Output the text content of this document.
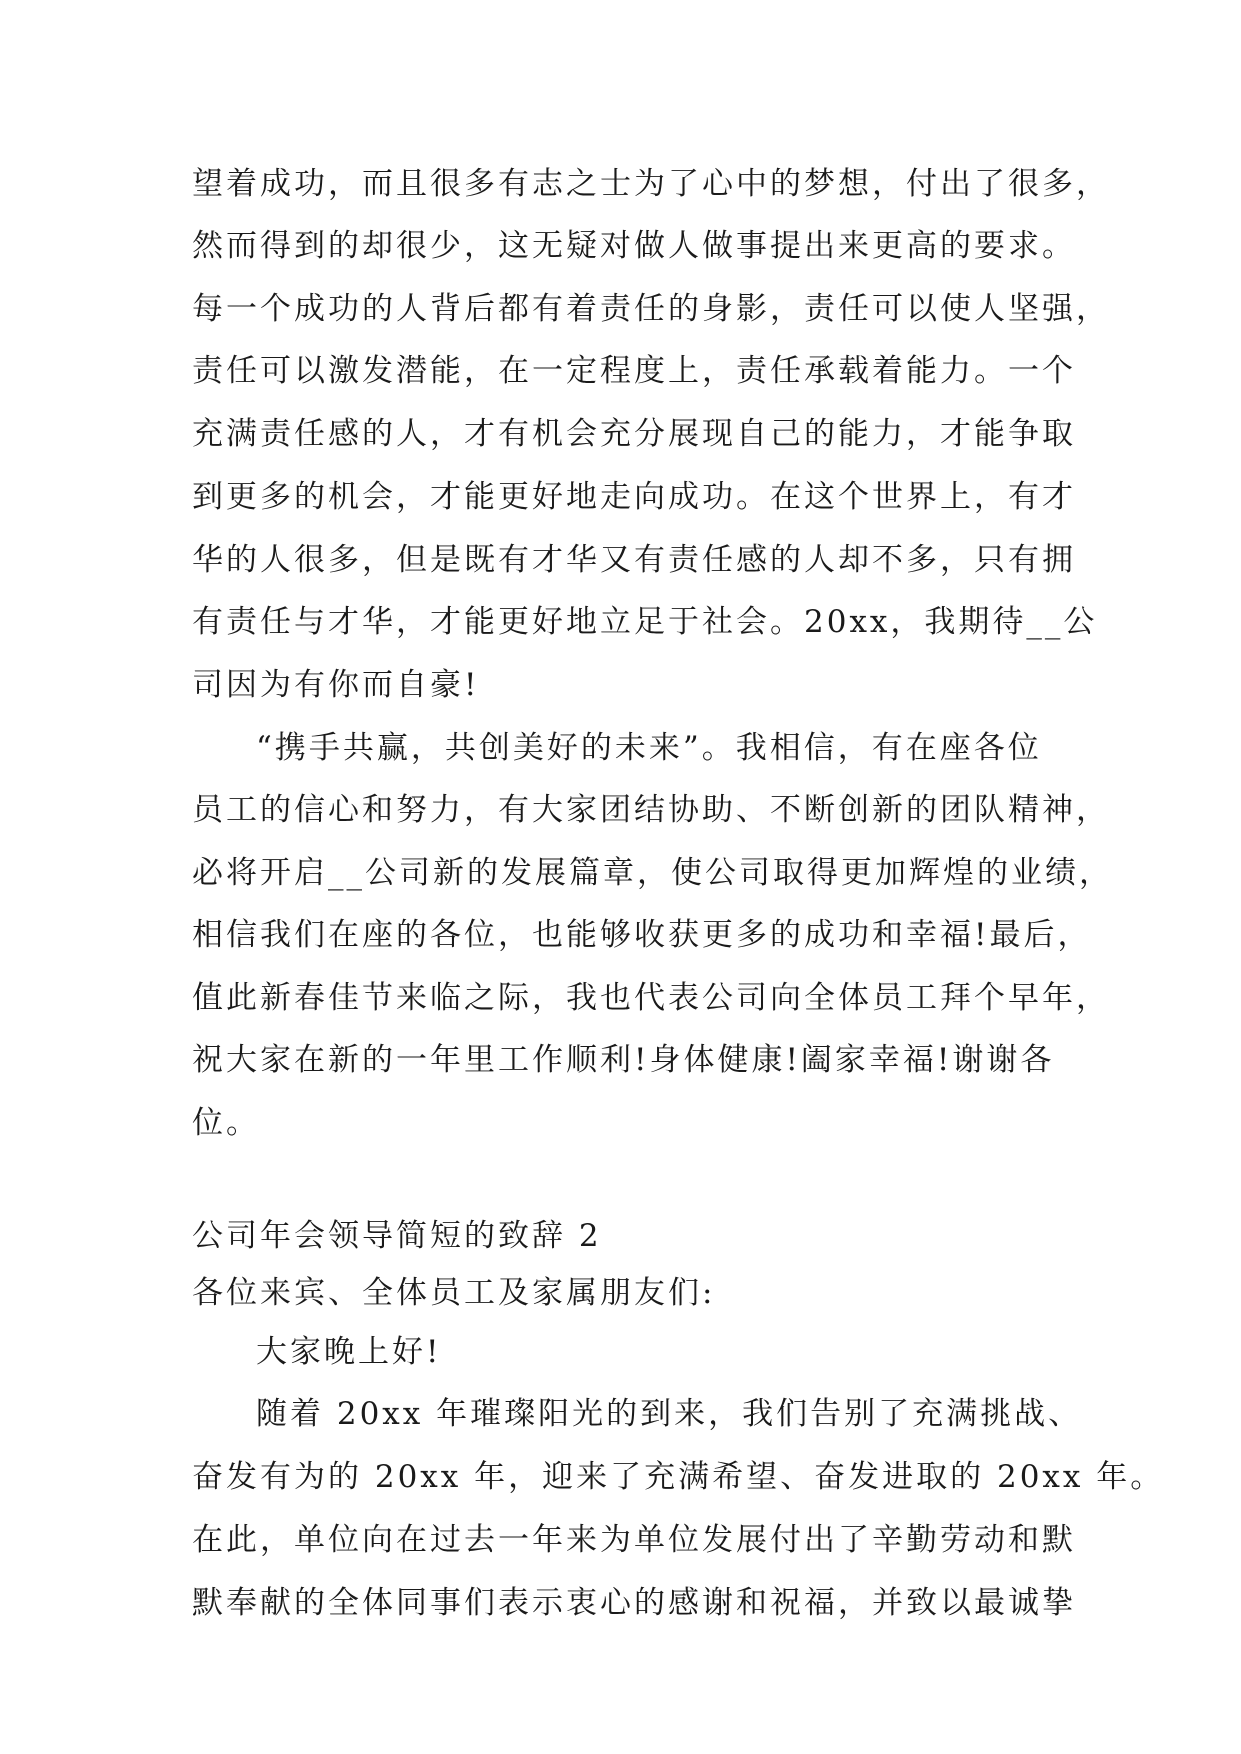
望着成功，而且很多有志之士为了心中的梦想，付出了很多，
然而得到的却很少，这无疑对做人做事提出来更高的要求。
每一个成功的人背后都有着责任的身影，责任可以使人坚强，
责任可以激发潜能，在一定程度上，责任承载着能力。一个
充满责任感的人，才有机会充分展现自己的能力，才能争取
到更多的机会，才能更好地走向成功。在这个世界上，有才
华的人很多，但是既有才华又有责任感的人却不多，只有拥
有责任与才华，才能更好地立足于社会。20xx，我期待__公
司因为有你而自豪!
“携手共赢，共创美好的未来”。我相信，有在座各位
员工的信心和努力，有大家团结协助、不断创新的团队精神，
必将开启__公司新的发展篇章，使公司取得更加辉煌的业绩，
相信我们在座的各位，也能够收获更多的成功和幸福!最后，
值此新春佳节来临之际，我也代表公司向全体员工拜个早年，
祝大家在新的一年里工作顺利!身体健康!阖家幸福!谢谢各
位。
公司年会领导简短的致辞 2
各位来宾、全体员工及家属朋友们:
大家晚上好!
随着 20xx 年璀璨阳光的到来，我们告别了充满挑战、
奋发有为的 20xx 年，迎来了充满希望、奋发进取的 20xx 年。
在此，单位向在过去一年来为单位发展付出了辛勤劳动和默
默奉献的全体同事们表示衷心的感谢和祝福，并致以最诚挚
